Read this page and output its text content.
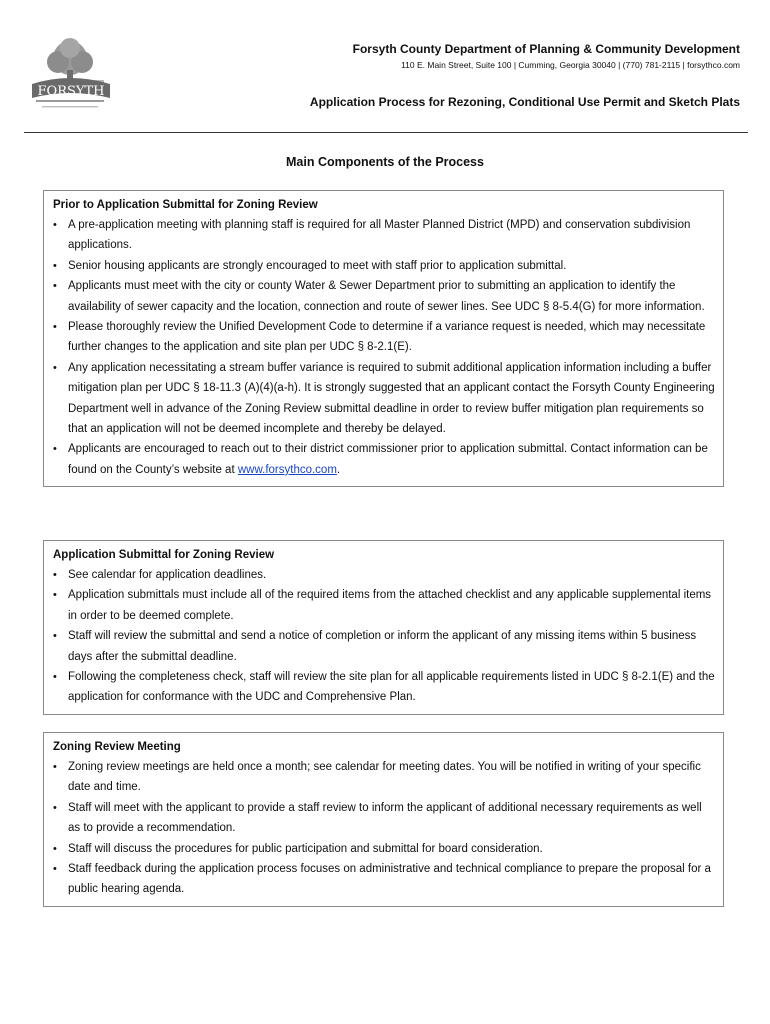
FORSYTH
Forsyth County Department of Planning & Community Development
110 E. Main Street, Suite 100 | Cumming, Georgia 30040 | (770) 781-2115 | forsythco.com
Application Process for Rezoning, Conditional Use Permit and Sketch Plats
Main Components of the Process
Prior to Application Submittal for Zoning Review
• A pre-application meeting with planning staff is required for all Master Planned District (MPD) and conservation subdivision applications.
• Senior housing applicants are strongly encouraged to meet with staff prior to application submittal.
• Applicants must meet with the city or county Water & Sewer Department prior to submitting an application to identify the availability of sewer capacity and the location, connection and route of sewer lines. See UDC § 8-5.4(G) for more information.
• Please thoroughly review the Unified Development Code to determine if a variance request is needed, which may necessitate further changes to the application and site plan per UDC § 8-2.1(E).
• Any application necessitating a stream buffer variance is required to submit additional application information including a buffer mitigation plan per UDC § 18-11.3 (A)(4)(a-h). It is strongly suggested that an applicant contact the Forsyth County Engineering Department well in advance of the Zoning Review submittal deadline in order to review buffer mitigation plan requirements so that an application will not be deemed incomplete and thereby be delayed.
• Applicants are encouraged to reach out to their district commissioner prior to application submittal. Contact information can be found on the County’s website at www.forsythco.com.
Application Submittal for Zoning Review
• See calendar for application deadlines.
• Application submittals must include all of the required items from the attached checklist and any applicable supplemental items in order to be deemed complete.
• Staff will review the submittal and send a notice of completion or inform the applicant of any missing items within 5 business days after the submittal deadline.
• Following the completeness check, staff will review the site plan for all applicable requirements listed in UDC § 8-2.1(E) and the application for conformance with the UDC and Comprehensive Plan.
Zoning Review Meeting
• Zoning review meetings are held once a month; see calendar for meeting dates. You will be notified in writing of your specific date and time.
• Staff will meet with the applicant to provide a staff review to inform the applicant of additional necessary requirements as well as to provide a recommendation.
• Staff will discuss the procedures for public participation and submittal for board consideration.
• Staff feedback during the application process focuses on administrative and technical compliance to prepare the proposal for a public hearing agenda.
